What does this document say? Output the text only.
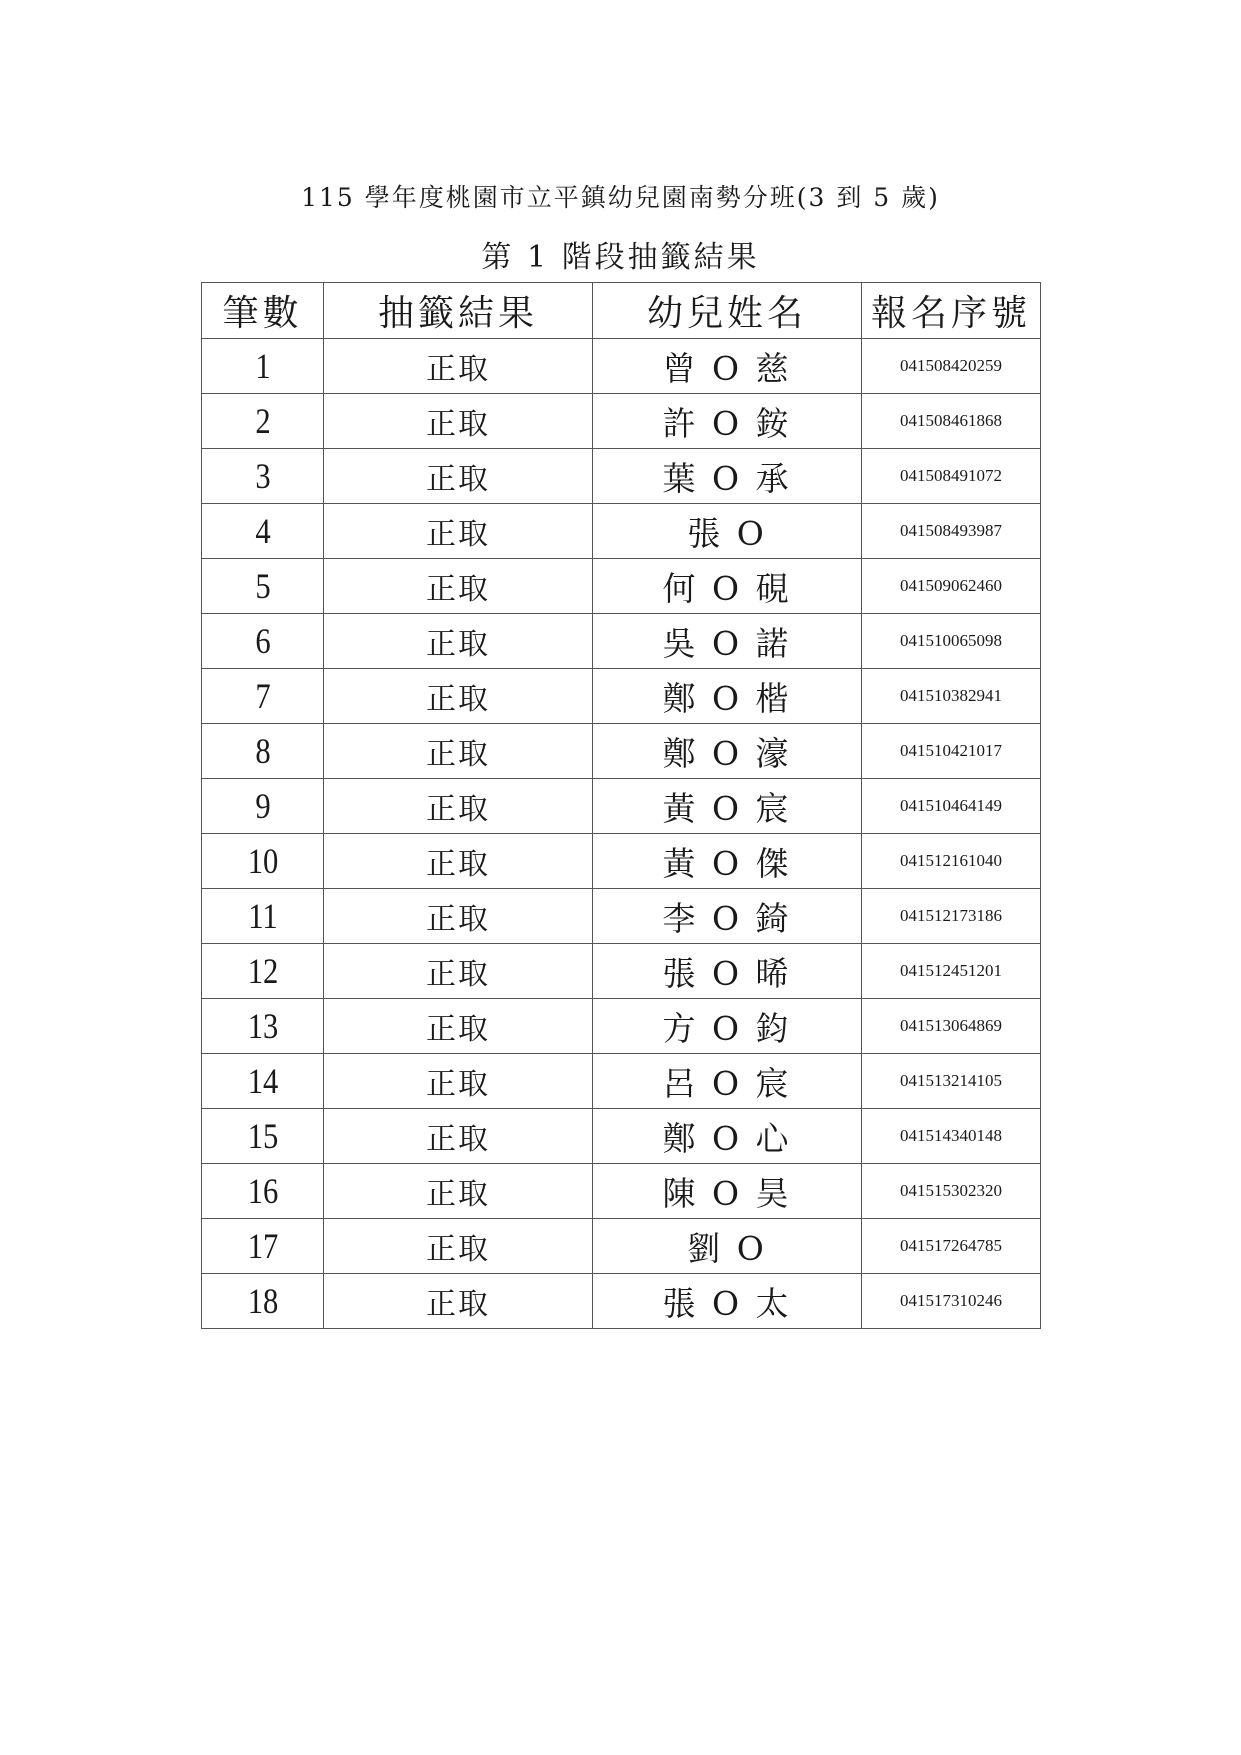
115 學年度桃園市立平鎮幼兒園南勢分班(3 到 5 歲)
第 1 階段抽籤結果
筆數	抽籤結果	幼兒姓名	報名序號
1	正取	曾 O 慈	041508420259
2	正取	許 O 銨	041508461868
3	正取	葉 O 承	041508491072
4	正取	張 O	041508493987
5	正取	何 O 硯	041509062460
6	正取	吳 O 諾	041510065098
7	正取	鄭 O 楷	041510382941
8	正取	鄭 O 濠	041510421017
9	正取	黃 O 宸	041510464149
10	正取	黃 O 傑	041512161040
11	正取	李 O 錡	041512173186
12	正取	張 O 晞	041512451201
13	正取	方 O 鈞	041513064869
14	正取	呂 O 宸	041513214105
15	正取	鄭 O 心	041514340148
16	正取	陳 O 昊	041515302320
17	正取	劉 O	041517264785
18	正取	張 O 太	041517310246
